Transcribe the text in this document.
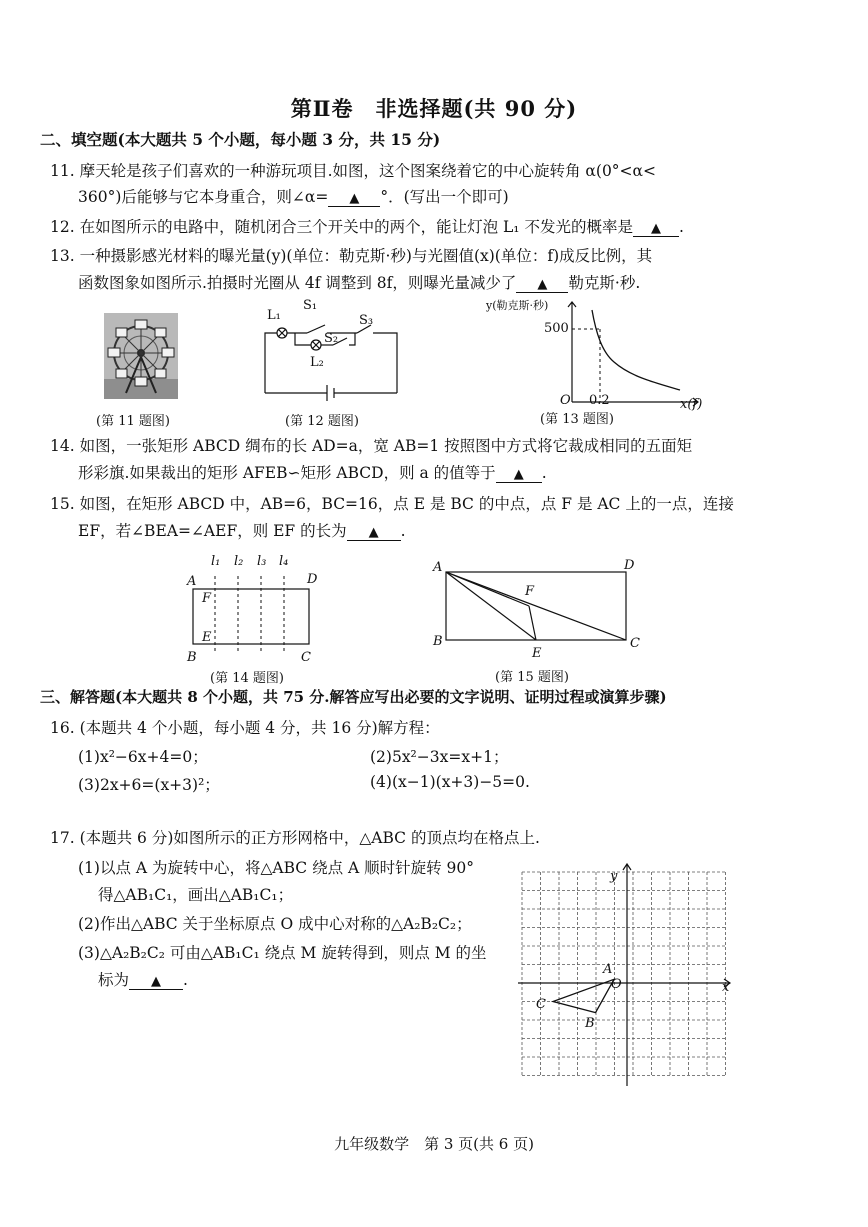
第Ⅱ卷　非选择题(共 90 分)
二、填空题(本大题共 5 个小题，每小题 3 分，共 15 分)
11. 摩天轮是孩子们喜欢的一种游玩项目.如图，这个图案绕着它的中心旋转角 α(0°<α<
360°)后能够与它本身重合，则∠α= ▲ °．(写出一个即可)
12. 在如图所示的电路中，随机闭合三个开关中的两个，能让灯泡 L₁ 不发光的概率是 ▲ .
13. 一种摄影感光材料的曝光量(y)(单位：勒克斯·秒)与光圈值(x)(单位：f)成反比例，其
函数图象如图所示.拍摄时光圈从 4f 调整到 8f，则曝光量减少了 ▲ 勒克斯·秒.
(第 11 题图)
L₁
S₁
S₃
S₂
L₂
(第 12 题图)
y(勒克斯·秒)
500
O 0.2	x(f)
(第 13 题图)
14. 如图，一张矩形 ABCD 绸布的长 AD=a，宽 AB=1 按照图中方式将它裁成相同的五面矩
形彩旗.如果裁出的矩形 AFEB∽矩形 ABCD，则 a 的值等于 ▲ .
15. 如图，在矩形 ABCD 中，AB=6，BC=16，点 E 是 BC 的中点，点 F 是 AC 上的一点，连接
EF，若∠BEA=∠AEF，则 EF 的长为 ▲ .
l₁ l₂ l₃ l₄
A	D
F
E
B	C
(第 14 题图)
A	D
F
B
E
C
(第 15 题图)
三、解答题(本大题共 8 个小题，共 75 分.解答应写出必要的文字说明、证明过程或演算步骤)
16. (本题共 4 个小题，每小题 4 分，共 16 分)解方程：
(1)x²−6x+4=0；	(2)5x²−3x=x+1；
(3)2x+6=(x+3)²；	(4)(x−1)(x+3)−5=0.
17. (本题共 6 分)如图所示的正方形网格中，△ABC 的顶点均在格点上.
(1)以点 A 为旋转中心，将△ABC 绕点 A 顺时针旋转 90°
得△AB₁C₁，画出△AB₁C₁；
(2)作出△ABC 关于坐标原点 O 成中心对称的△A₂B₂C₂；
(3)△A₂B₂C₂ 可由△AB₁C₁ 绕点 M 旋转得到，则点 M 的坐
标为 ▲ .
y
x
A
O
C
B
九年级数学　第 3 页(共 6 页)
